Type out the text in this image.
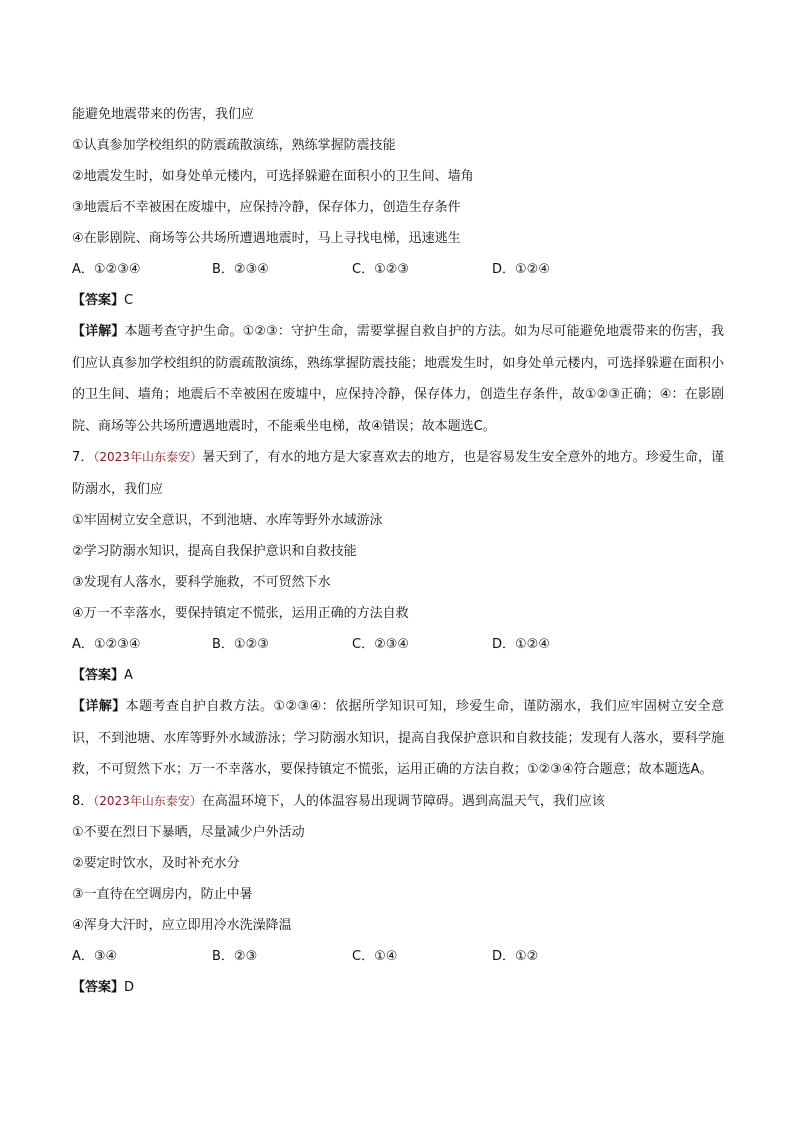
能避免地震带来的伤害，我们应
①认真参加学校组织的防震疏散演练，熟练掌握防震技能
②地震发生时，如身处单元楼内，可选择躲避在面积小的卫生间、墙角
③地震后不幸被困在废墟中，应保持冷静，保存体力，创造生存条件
④在影剧院、商场等公共场所遭遇地震时，马上寻找电梯，迅速逃生
A．①②③④	B．②③④	C．①②③	D．①②④
【答案】C
【详解】本题考查守护生命。①②③：守护生命，需要掌握自救自护的方法。如为尽可能避免地震带来的伤害，我们应认真参加学校组织的防震疏散演练，熟练掌握防震技能；地震发生时，如身处单元楼内，可选择躲避在面积小的卫生间、墙角；地震后不幸被困在废墟中，应保持冷静，保存体力，创造生存条件，故①②③正确；④：在影剧院、商场等公共场所遭遇地震时，不能乘坐电梯，故④错误；故本题选C。
7．（2023年山东泰安）暑天到了，有水的地方是大家喜欢去的地方，也是容易发生安全意外的地方。珍爱生命，谨防溺水，我们应
①牢固树立安全意识，不到池塘、水库等野外水域游泳
②学习防溺水知识，提高自我保护意识和自救技能
③发现有人落水，要科学施救，不可贸然下水
④万一不幸落水，要保持镇定不慌张，运用正确的方法自救
A．①②③④	B．①②③	C．②③④	D．①②④
【答案】A
【详解】本题考查自护自救方法。①②③④：依据所学知识可知，珍爱生命，谨防溺水，我们应牢固树立安全意识，不到池塘、水库等野外水域游泳；学习防溺水知识，提高自我保护意识和自救技能；发现有人落水，要科学施救，不可贸然下水；万一不幸落水，要保持镇定不慌张，运用正确的方法自救；①②③④符合题意；故本题选A。
8．（2023年山东泰安）在高温环境下，人的体温容易出现调节障碍。遇到高温天气，我们应该
①不要在烈日下暴晒，尽量减少户外活动
②要定时饮水，及时补充水分
③一直待在空调房内，防止中暑
④浑身大汗时，应立即用冷水洗澡降温
A．③④	B．②③	C．①④	D．①②
【答案】D
